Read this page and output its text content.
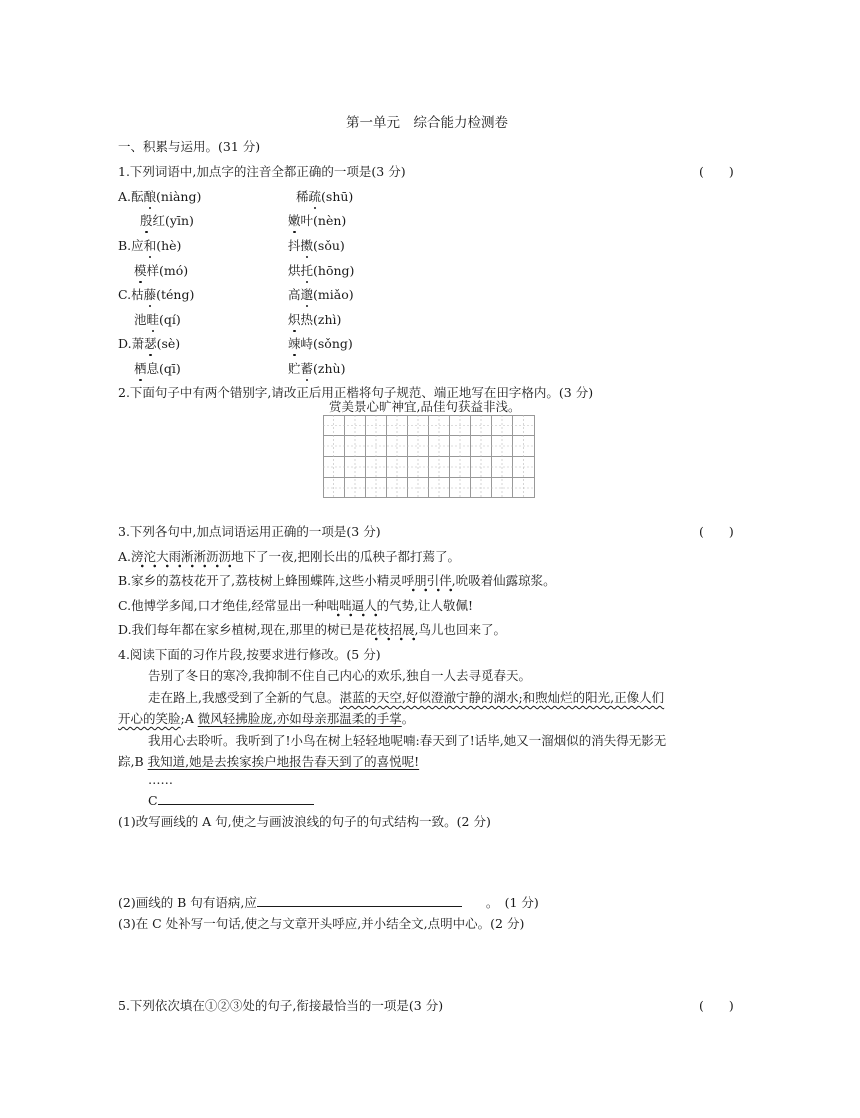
第一单元　综合能力检测卷
一、积累与运用。(31 分)
1.下列词语中,加点字的注音全都正确的一项是(3 分)	(　　)
A.酝酿(niàng)	稀疏(shū)
殷红(yīn)	嫩叶(nèn)
B.应和(hè)	抖擞(sǒu)
模样(mó)	烘托(hōng)
C.枯藤(téng)	高邈(miǎo)
池畦(qí)	炽热(zhì)
D.萧瑟(sè)	竦峙(sǒng)
栖息(qī)	贮蓄(zhù)
2.下面句子中有两个错别字,请改正后用正楷将句子规范、端正地写在田字格内。(3 分)
赏美景心旷神宜,品佳句获益非浅。
3.下列各句中,加点词语运用正确的一项是(3 分)	(　　)
A.滂沱大雨淅淅沥沥地下了一夜,把刚长出的瓜秧子都打蔫了。
B.家乡的荔枝花开了,荔枝树上蜂围蝶阵,这些小精灵呼朋引伴,吮吸着仙露琼浆。
C.他博学多闻,口才绝佳,经常显出一种咄咄逼人的气势,让人敬佩!
D.我们每年都在家乡植树,现在,那里的树已是花枝招展,鸟儿也回来了。
4.阅读下面的习作片段,按要求进行修改。(5 分)
告别了冬日的寒冷,我抑制不住自己内心的欢乐,独自一人去寻觅春天。
走在路上,我感受到了全新的气息。湛蓝的天空,好似澄澈宁静的湖水;和煦灿烂的阳光,正像人们
开心的笑脸;A 微风轻拂脸庞,亦如母亲那温柔的手掌。
我用心去聆听。我听到了!小鸟在树上轻轻地呢喃:春天到了!话毕,她又一溜烟似的消失得无影无
踪,B 我知道,她是去挨家挨户地报告春天到了的喜悦呢!
……
C
(1)改写画线的 A 句,使之与画波浪线的句子的句式结构一致。(2 分)
(2)画线的 B 句有语病,应	。　(1 分)
(3)在 C 处补写一句话,使之与文章开头呼应,并小结全文,点明中心。(2 分)
5.下列依次填在①②③处的句子,衔接最恰当的一项是(3 分)	(　　)
